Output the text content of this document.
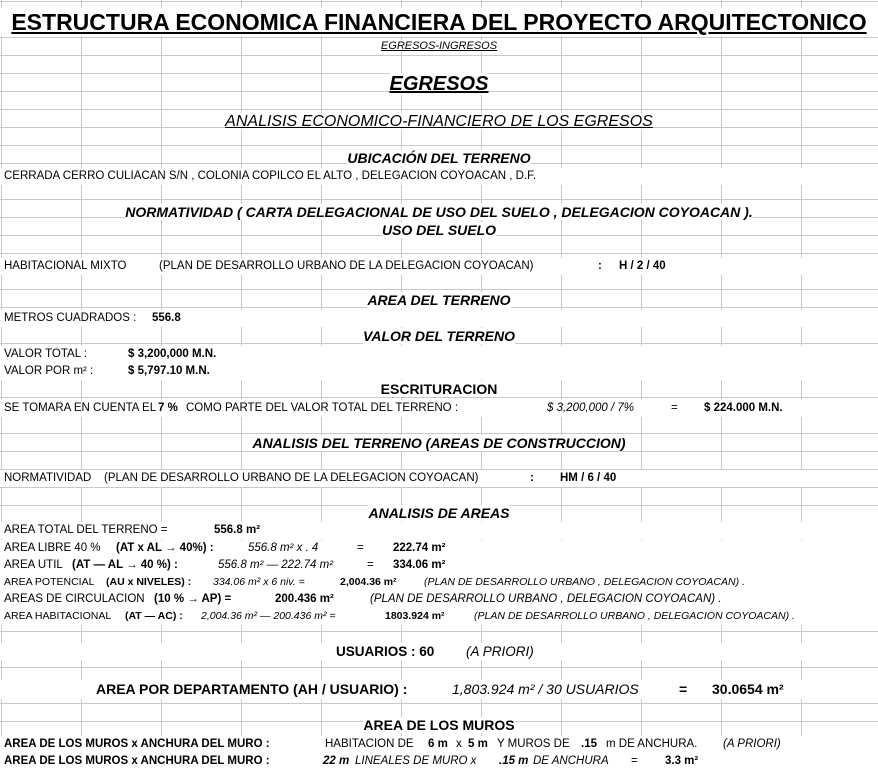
ESTRUCTURA ECONOMICA FINANCIERA DEL PROYECTO ARQUITECTONICO
EGRESOS-INGRESOS
EGRESOS
ANALISIS ECONOMICO-FINANCIERO DE LOS EGRESOS
UBICACIÓN DEL TERRENO
CERRADA CERRO CULIACAN S/N , COLONIA COPILCO EL ALTO , DELEGACION COYOACAN , D.F.
NORMATIVIDAD ( CARTA DELEGACIONAL DE USO DEL SUELO , DELEGACION COYOACAN ).
USO DEL SUELO
HABITACIONAL MIXTO	(PLAN DE DESARROLLO URBANO DE LA DELEGACION COYOACAN)	: H / 2 / 40
AREA DEL TERRENO
METROS CUADRADOS : 556.8
VALOR DEL TERRENO
VALOR TOTAL :	$ 3,200,000 M.N.
VALOR POR m² :	$ 5,797.10 M.N.
ESCRITURACION
SE TOMARA EN CUENTA EL 7 % COMO PARTE DEL VALOR TOTAL DEL TERRENO :	$ 3,200,000 / 7%	= $ 224.000 M.N.
ANALISIS DEL TERRENO (AREAS DE CONSTRUCCION)
NORMATIVIDAD (PLAN DE DESARROLLO URBANO DE LA DELEGACION COYOACAN)	: HM / 6 / 40
ANALISIS DE AREAS
AREA TOTAL DEL TERRENO =	556.8 m²
AREA LIBRE 40 % (AT x AL → 40%) :	556.8 m² x . 4	=	222.74 m²
AREA UTIL (AT — AL → 40 %) :	556.8 m² — 222.74 m²	= 334.06 m²
AREA POTENCIAL (AU x NIVELES) : 334.06 m² x 6 niv. =	2,004.36 m²	(PLAN DE DESARROLLO URBANO , DELEGACION COYOACAN) .
AREAS DE CIRCULACION (10 % → AP) =	200.436 m²	(PLAN DE DESARROLLO URBANO , DELEGACION COYOACAN) .
AREA HABITACIONAL (AT — AC) : 2,004.36 m² — 200.436 m² =	1803.924 m²	(PLAN DE DESARROLLO URBANO , DELEGACION COYOACAN) .
USUARIOS : 60 (A PRIORI)
AREA POR DEPARTAMENTO (AH / USUARIO) :	1,803.924 m² / 30 USUARIOS	= 30.0654 m²
AREA DE LOS MUROS
AREA DE LOS MUROS x ANCHURA DEL MURO :	HABITACION DE 6 m x 5 m Y MUROS DE .15 m DE ANCHURA. (A PRIORI)
AREA DE LOS MUROS x ANCHURA DEL MURO :	22 m LINEALES DE MURO x .15 m DE ANCHURA = 3.3 m²
